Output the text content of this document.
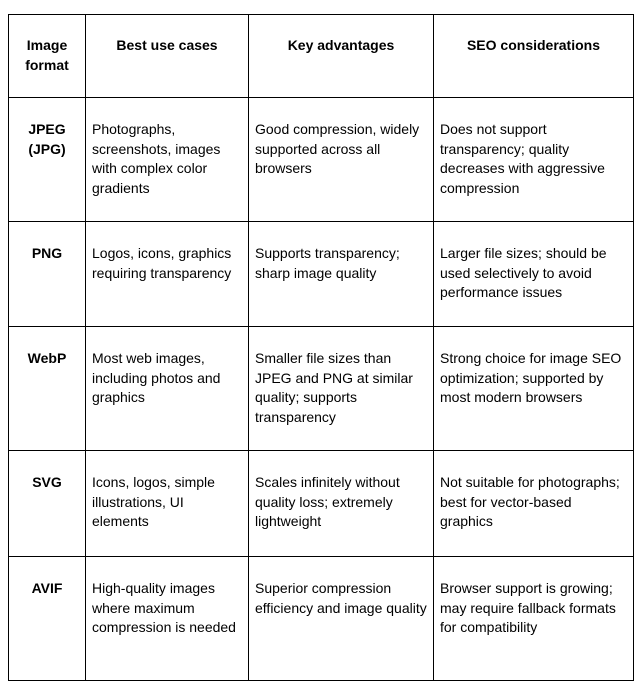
Image format	Best use cases	Key advantages	SEO considerations
JPEG (JPG)	Photographs, screenshots, images with complex color gradients	Good compression, widely supported across all browsers	Does not support transparency; quality decreases with aggressive compression
PNG	Logos, icons, graphics requiring transparency	Supports transparency; sharp image quality	Larger file sizes; should be used selectively to avoid performance issues
WebP	Most web images, including photos and graphics	Smaller file sizes than JPEG and PNG at similar quality; supports transparency	Strong choice for image SEO optimization; supported by most modern browsers
SVG	Icons, logos, simple illustrations, UI elements	Scales infinitely without quality loss; extremely lightweight	Not suitable for photographs; best for vector-based graphics
AVIF	High-quality images where maximum compression is needed	Superior compression efficiency and image quality	Browser support is growing; may require fallback formats for compatibility
